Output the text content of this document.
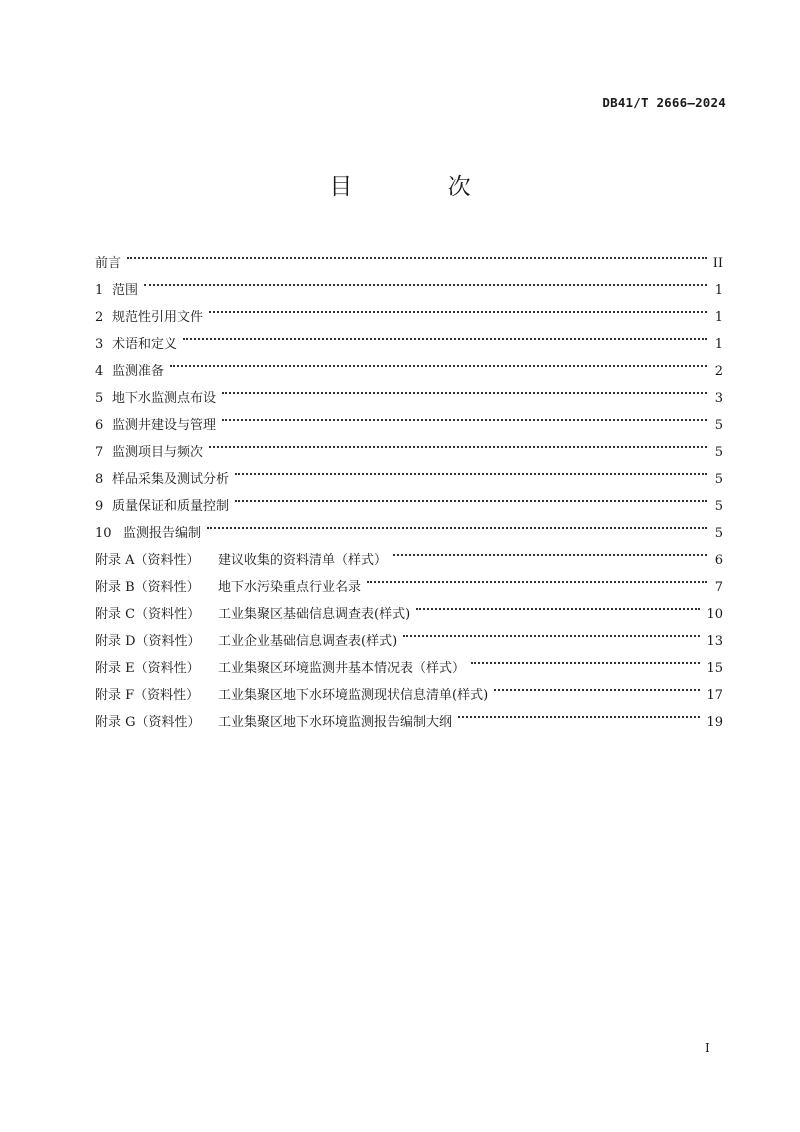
DB41/T 2666—2024
目 次
前言	II
1 范围	1
2 规范性引用文件	1
3 术语和定义	1
4 监测准备	2
5 地下水监测点布设	3
6 监测井建设与管理	5
7 监测项目与频次	5
8 样品采集及测试分析	5
9 质量保证和质量控制	5
10 监测报告编制	5
附录 A（资料性）	建议收集的资料清单（样式）	6
附录 B（资料性）	地下水污染重点行业名录	7
附录 C（资料性）	工业集聚区基础信息调查表(样式)	10
附录 D（资料性）	工业企业基础信息调查表(样式)	13
附录 E（资料性）	工业集聚区环境监测井基本情况表（样式）	15
附录 F（资料性）	工业集聚区地下水环境监测现状信息清单(样式)	17
附录 G（资料性）	工业集聚区地下水环境监测报告编制大纲	19
I
